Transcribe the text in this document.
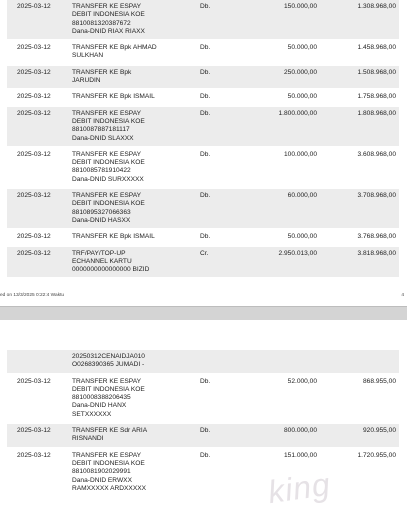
2025-03-12	TRANSFER KE ESPAY
DEBIT INDONESIA KOE
8810081320387672
Dana-DNID RIAX RIAXX	Db.	150.000,00	1.308.968,00
2025-03-12	TRANSFER KE Bpk AHMAD
SULKHAN	Db.	50.000,00	1.458.968,00
2025-03-12	TRANSFER KE Bpk
JARUDIN	Db.	250.000,00	1.508.968,00
2025-03-12	TRANSFER KE Bpk ISMAIL	Db.	50.000,00	1.758.968,00
2025-03-12	TRANSFER KE ESPAY
DEBIT INDONESIA KOE
8810087887181117
Dana-DNID SLAXXX	Db.	1.800.000,00	1.808.968,00
2025-03-12	TRANSFER KE ESPAY
DEBIT INDONESIA KOE
8810085781910422
Dana-DNID SURXXXXX	Db.	100.000,00	3.608.968,00
2025-03-12	TRANSFER KE ESPAY
DEBIT INDONESIA KOE
8810895327066363
Dana-DNID HASXX	Db.	60.000,00	3.708.968,00
2025-03-12	TRANSFER KE Bpk ISMAIL	Db.	50.000,00	3.768.968,00
2025-03-12	TRF/PAY/TOP-UP
ECHANNEL KARTU
0000000000000000 BIZID	Cr.	2.950.013,00	3.818.968,00
ed on 13/3/2025 0:22:4 Waktu	4

	20250312CENAIDJA010
O0268390365 JUMADI -			

2025-03-12	TRANSFER KE ESPAY
DEBIT INDONESIA KOE
8810008388206435
Dana-DNID HANX
SETXXXXXX	Db.	52.000,00	868.955,00
2025-03-12	TRANSFER KE Sdr ARIA
RISNANDI	Db.	800.000,00	920.955,00
2025-03-12	TRANSFER KE ESPAY
DEBIT INDONESIA KOE
8810081902029991
Dana-DNID ERWXX
RAMXXXXX ARDXXXXX	Db.	151.000,00	1.720.955,00
king
